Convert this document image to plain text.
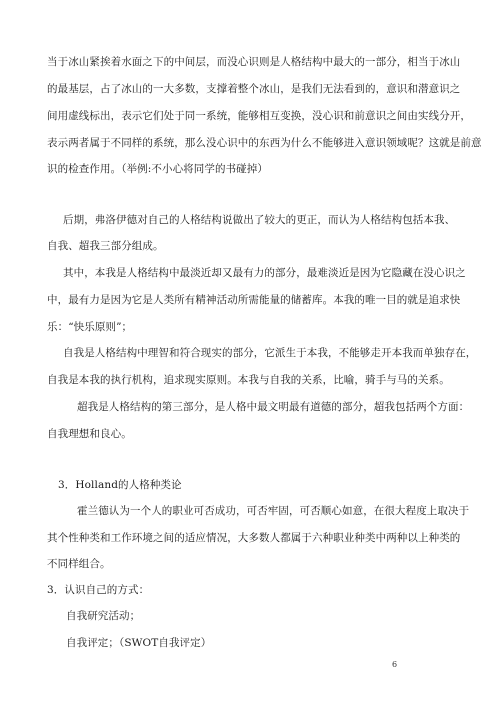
当于冰山紧挨着水面之下的中间层，而没心识则是人格结构中最大的一部分，相当于冰山
的最基层，占了冰山的一大多数，支撑着整个冰山，是我们无法看到的，意识和潜意识之
间用虚线标出，表示它们处于同一系统，能够相互变换，没心识和前意识之间由实线分开，
表示两者属于不同样的系统，那么没心识中的东西为什么不能够进入意识领域呢？这就是前意
识的检查作用。（举例:不小心将同学的书碰掉）
后期，弗洛伊德对自己的人格结构说做出了较大的更正，而认为人格结构包括本我、
自我、超我三部分组成。
其中，本我是人格结构中最淡近却又最有力的部分，最难淡近是因为它隐藏在没心识之
中，最有力是因为它是人类所有精神活动所需能量的储蓄库。本我的唯一目的就是追求快
乐：“快乐原则”；
自我是人格结构中理智和符合现实的部分，它派生于本我，不能够走开本我而单独存在，
自我是本我的执行机构，追求现实原则。本我与自我的关系，比喻，骑手与马的关系。
超我是人格结构的第三部分，是人格中最文明最有道德的部分，超我包括两个方面：
自我理想和良心。
3．Holland的人格种类论
霍兰德认为一个人的职业可否成功，可否牢固，可否顺心如意，在很大程度上取决于
其个性种类和工作环境之间的适应情况，大多数人都属于六种职业种类中两种以上种类的
不同样组合。
3．认识自己的方式：
自我研究活动；
自我评定；（SWOT自我评定）
6
